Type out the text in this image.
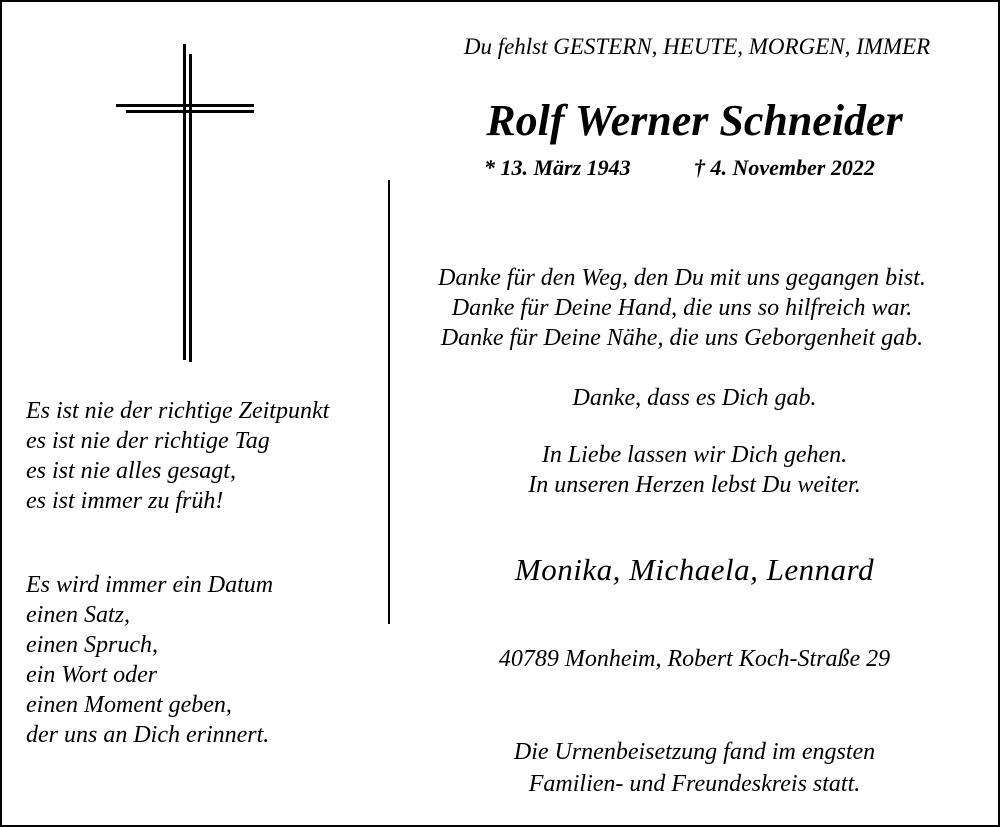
Du fehlst GESTERN, HEUTE, MORGEN, IMMER
Rolf Werner Schneider
* 13. März 1943	† 4. November 2022
Danke für den Weg, den Du mit uns gegangen bist.
Danke für Deine Hand, die uns so hilfreich war.
Danke für Deine Nähe, die uns Geborgenheit gab.
Danke, dass es Dich gab.
In Liebe lassen wir Dich gehen.
In unseren Herzen lebst Du weiter.
Monika, Michaela, Lennard
40789 Monheim, Robert Koch-Straße 29
Die Urnenbeisetzung fand im engsten
Familien- und Freundeskreis statt.
Es ist nie der richtige Zeitpunkt
es ist nie der richtige Tag
es ist nie alles gesagt,
es ist immer zu früh!
Es wird immer ein Datum
einen Satz,
einen Spruch,
ein Wort oder
einen Moment geben,
der uns an Dich erinnert.
